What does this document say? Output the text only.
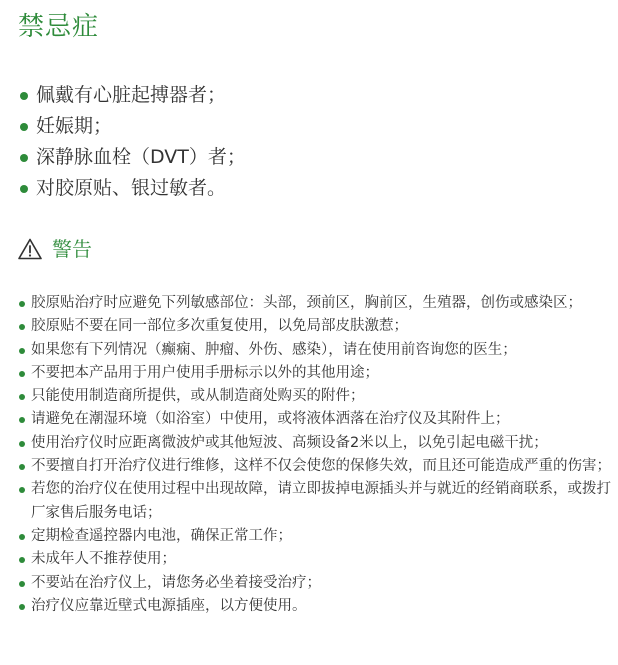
禁忌症
佩戴有心脏起搏器者；
妊娠期；
深静脉血栓（DVT）者；
对胶原贴、银过敏者。
警告
胶原贴治疗时应避免下列敏感部位：头部，颈前区，胸前区，生殖器，创伤或感染区；
胶原贴不要在同一部位多次重复使用，以免局部皮肤激惹；
如果您有下列情况（癫痫、肿瘤、外伤、感染），请在使用前咨询您的医生；
不要把本产品用于用户使用手册标示以外的其他用途；
只能使用制造商所提供，或从制造商处购买的附件；
请避免在潮湿环境（如浴室）中使用，或将液体洒落在治疗仪及其附件上；
使用治疗仪时应距离微波炉或其他短波、高频设备2米以上，以免引起电磁干扰；
不要擅自打开治疗仪进行维修，这样不仅会使您的保修失效，而且还可能造成严重的伤害；
若您的治疗仪在使用过程中出现故障，请立即拔掉电源插头并与就近的经销商联系，或拨打厂家售后服务电话；
定期检查遥控器内电池，确保正常工作；
未成年人不推荐使用；
不要站在治疗仪上，请您务必坐着接受治疗；
治疗仪应靠近壁式电源插座，以方便使用。
